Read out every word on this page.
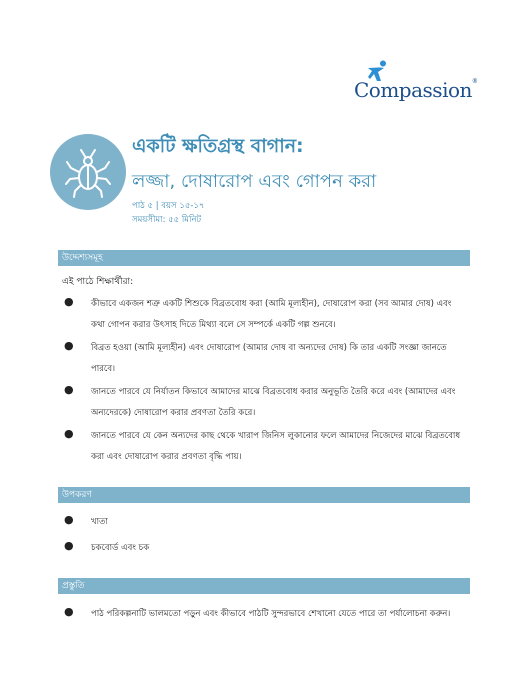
Compassion®
একটি ক্ষতিগ্রস্থ বাগান:
লজ্জা, দোষারোপ এবং গোপন করা
পাঠ ৫ | বয়স ১৫-১৭
সময়সীমা: ৫৫ মিনিট
উদ্দেশ্যসমূহ
এই পাঠে শিক্ষার্থীরা:
● কীভাবে একজন শত্রু একটি শিশুকে বিব্রতবোধ করা (আমি মূল্যহীন), দোষারোপ করা (সব আমার দোষ) এবং
কথা গোপন করার উৎসাহ দিতে মিথ্যা বলে সে সম্পর্কে একটি গল্প শুনবে।
● বিব্রত হওয়া (আমি মূল্যহীন) এবং দোষারোপ (আমার দোষ বা অন্যদের দোষ) কি তার একটি সংজ্ঞা জানতে
পারবে।
● জানতে পারবে যে নির্যাতন কিভাবে আমাদের মাঝে বিব্রতবোধ করার অনুভূতি তৈরি করে এবং (আমাদের এবং
অন্যদেরকে) দোষারোপ করার প্রবণতা তৈরি করে।
● জানতে পারবে যে কেন অন্যদের কাছ থেকে খারাপ জিনিস লুকানোর ফলে আমাদের নিজেদের মাঝে বিব্রতবোধ
করা এবং দোষারোপ করার প্রবণতা বৃদ্ধি পায়।
উপকরণ
● খাতা
● চকবোর্ড এবং চক
প্রস্তুতি
● পাঠ পরিকল্পনাটি ভালমতো পড়ুন এবং কীভাবে পাঠটি সুন্দরভাবে শেখানো যেতে পারে তা পর্যালোচনা করুন।
